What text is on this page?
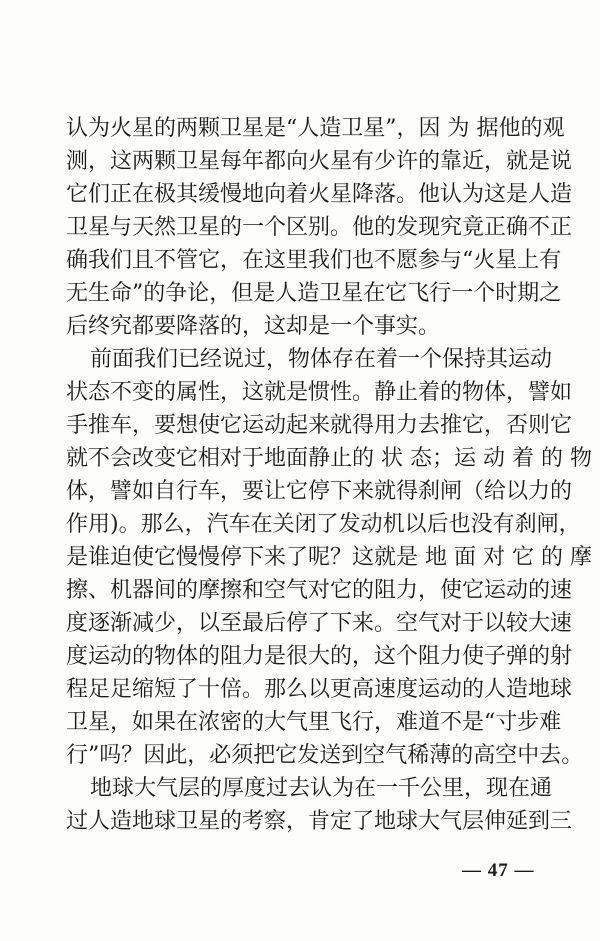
认为火星的两颗卫星是“人造卫星”，因 为 据他的观
测，这两颗卫星每年都向火星有少许的靠近，就是说
它们正在极其缓慢地向着火星降落。他认为这是人造
卫星与天然卫星的一个区别。他的发现究竟正确不正
确我们且不管它，在这里我们也不愿参与“火星上有
无生命”的争论，但是人造卫星在它飞行一个时期之
后终究都要降落的，这却是一个事实。
前面我们已经说过，物体存在着一个保持其运动
状态不变的属性，这就是惯性。静止着的物体，譬如
手推车，要想使它运动起来就得用力去推它，否则它
就不会改变它相对于地面静止的 状 态；运 动 着 的 物
体，譬如自行车，要让它停下来就得刹闸（给以力的
作用)。那么，汽车在关闭了发动机以后也没有刹闸，
是谁迫使它慢慢停下来了呢？这就是 地 面 对 它 的 摩
擦、机器间的摩擦和空气对它的阻力，使它运动的速
度逐渐减少，以至最后停了下来。空气对于以较大速
度运动的物体的阻力是很大的，这个阻力使子弹的射
程足足缩短了十倍。那么以更高速度运动的人造地球
卫星，如果在浓密的大气里飞行，难道不是“寸步难
行”吗？因此，必须把它发送到空气稀薄的高空中去。
地球大气层的厚度过去认为在一千公里，现在通
过人造地球卫星的考察，肯定了地球大气层伸延到三
— 47 —
